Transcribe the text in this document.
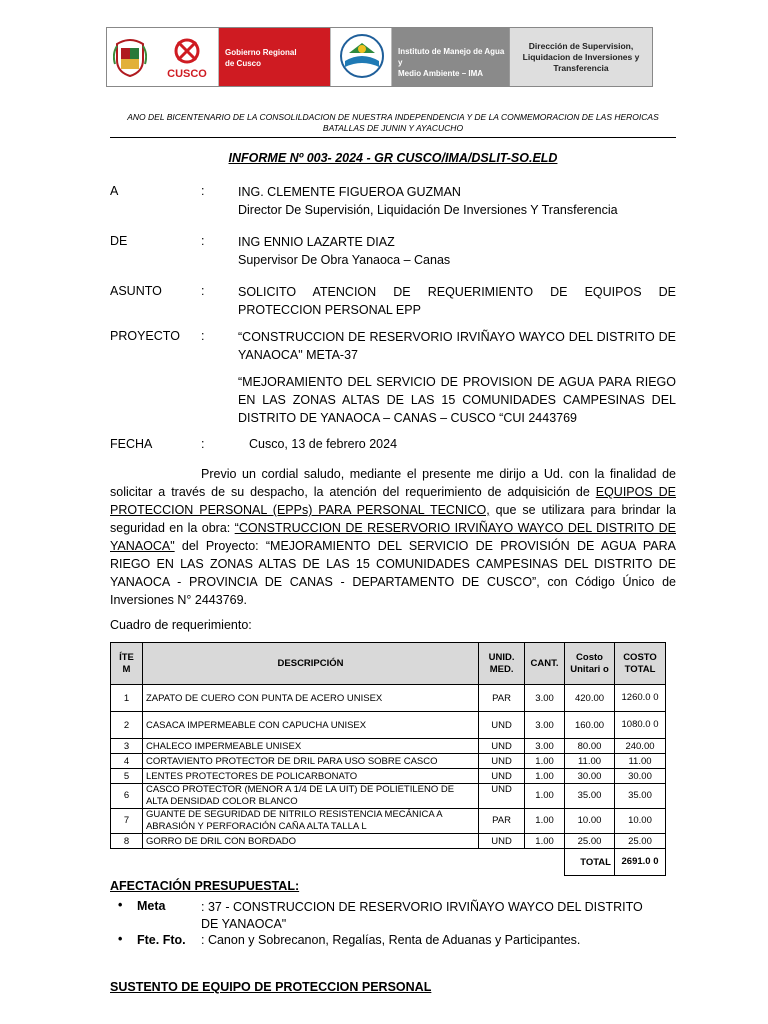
CUSCO
Gobierno Regional
de Cusco
Instituto de Manejo de Agua y
Medio Ambiente – IMA
Dirección de Supervision,
Liquidacion de Inversiones y
Transferencia
ANO DEL BICENTENARIO DE LA CONSOLILDACION DE NUESTRA INDEPENDENCIA Y DE LA CONMEMORACION DE LAS HEROICAS BATALLAS DE JUNIN Y AYACUCHO
INFORME Nº 003- 2024 - GR CUSCO/IMA/DSLIT-SO.ELD
A	:	ING. CLEMENTE FIGUEROA GUZMAN
Director De Supervisión, Liquidación De Inversiones Y Transferencia
DE	:	ING ENNIO LAZARTE DIAZ
Supervisor De Obra Yanaoca – Canas
ASUNTO	:	SOLICITO ATENCION DE REQUERIMIENTO DE EQUIPOS DE PROTECCION PERSONAL EPP
PROYECTO :	“CONSTRUCCION DE RESERVORIO IRVIÑAYO WAYCO DEL DISTRITO DE YANAOCA" META-37
“MEJORAMIENTO DEL SERVICIO DE PROVISION DE AGUA PARA RIEGO EN LAS ZONAS ALTAS DE LAS 15 COMUNIDADES CAMPESINAS DEL DISTRITO DE YANAOCA – CANAS – CUSCO “CUI 2443769
FECHA	:	Cusco, 13 de febrero 2024

Previo un cordial saludo, mediante el presente me dirijo a Ud. con la finalidad de solicitar a través de su despacho, la atención del requerimiento de adquisición de EQUIPOS DE PROTECCION PERSONAL (EPPs) PARA PERSONAL TECNICO, que se utilizara para brindar la seguridad en la obra: “CONSTRUCCION DE RESERVORIO IRVIÑAYO WAYCO DEL DISTRITO DE YANAOCA" del Proyecto: “MEJORAMIENTO DEL SERVICIO DE PROVISIÓN DE AGUA PARA RIEGO EN LAS ZONAS ALTAS DE LAS 15 COMUNIDADES CAMPESINAS DEL DISTRITO DE YANAOCA - PROVINCIA DE CANAS - DEPARTAMENTO DE CUSCO”, con Código Único de Inversiones N° 2443769.

Cuadro de requerimiento:
ÍTE M	DESCRIPCIÓN	UNID. MED.	CANT.	Costo Unitari o	COSTO TOTAL
1	ZAPATO DE CUERO CON PUNTA DE ACERO UNISEX	PAR	3.00	420.00	1260.0 0
2	CASACA IMPERMEABLE CON CAPUCHA UNISEX	UND	3.00	160.00	1080.0 0
3	CHALECO IMPERMEABLE UNISEX	UND	3.00	80.00	240.00
4	CORTAVIENTO PROTECTOR DE DRIL PARA USO SOBRE CASCO	UND	1.00	11.00	11.00
5	LENTES PROTECTORES DE POLICARBONATO	UND	1.00	30.00	30.00
6	CASCO PROTECTOR (MENOR A 1/4 DE LA UIT) DE POLIETILENO DE ALTA DENSIDAD COLOR BLANCO	UND	1.00	35.00	35.00
7	GUANTE DE SEGURIDAD DE NITRILO RESISTENCIA MECÁNICA A ABRASIÓN Y PERFORACIÓN CAÑA ALTA TALLA L	PAR	1.00	10.00	10.00
8	GORRO DE DRIL CON BORDADO	UND	1.00	25.00	25.00
				TOTAL	2691.0 0
AFECTACIÓN PRESUPUESTAL:
• Meta	: 37 - CONSTRUCCION DE RESERVORIO IRVIÑAYO WAYCO DEL DISTRITO DE YANAOCA"
• Fte. Fto. : Canon y Sobrecanon, Regalías, Renta de Aduanas y Participantes.
SUSTENTO DE EQUIPO DE PROTECCION PERSONAL
